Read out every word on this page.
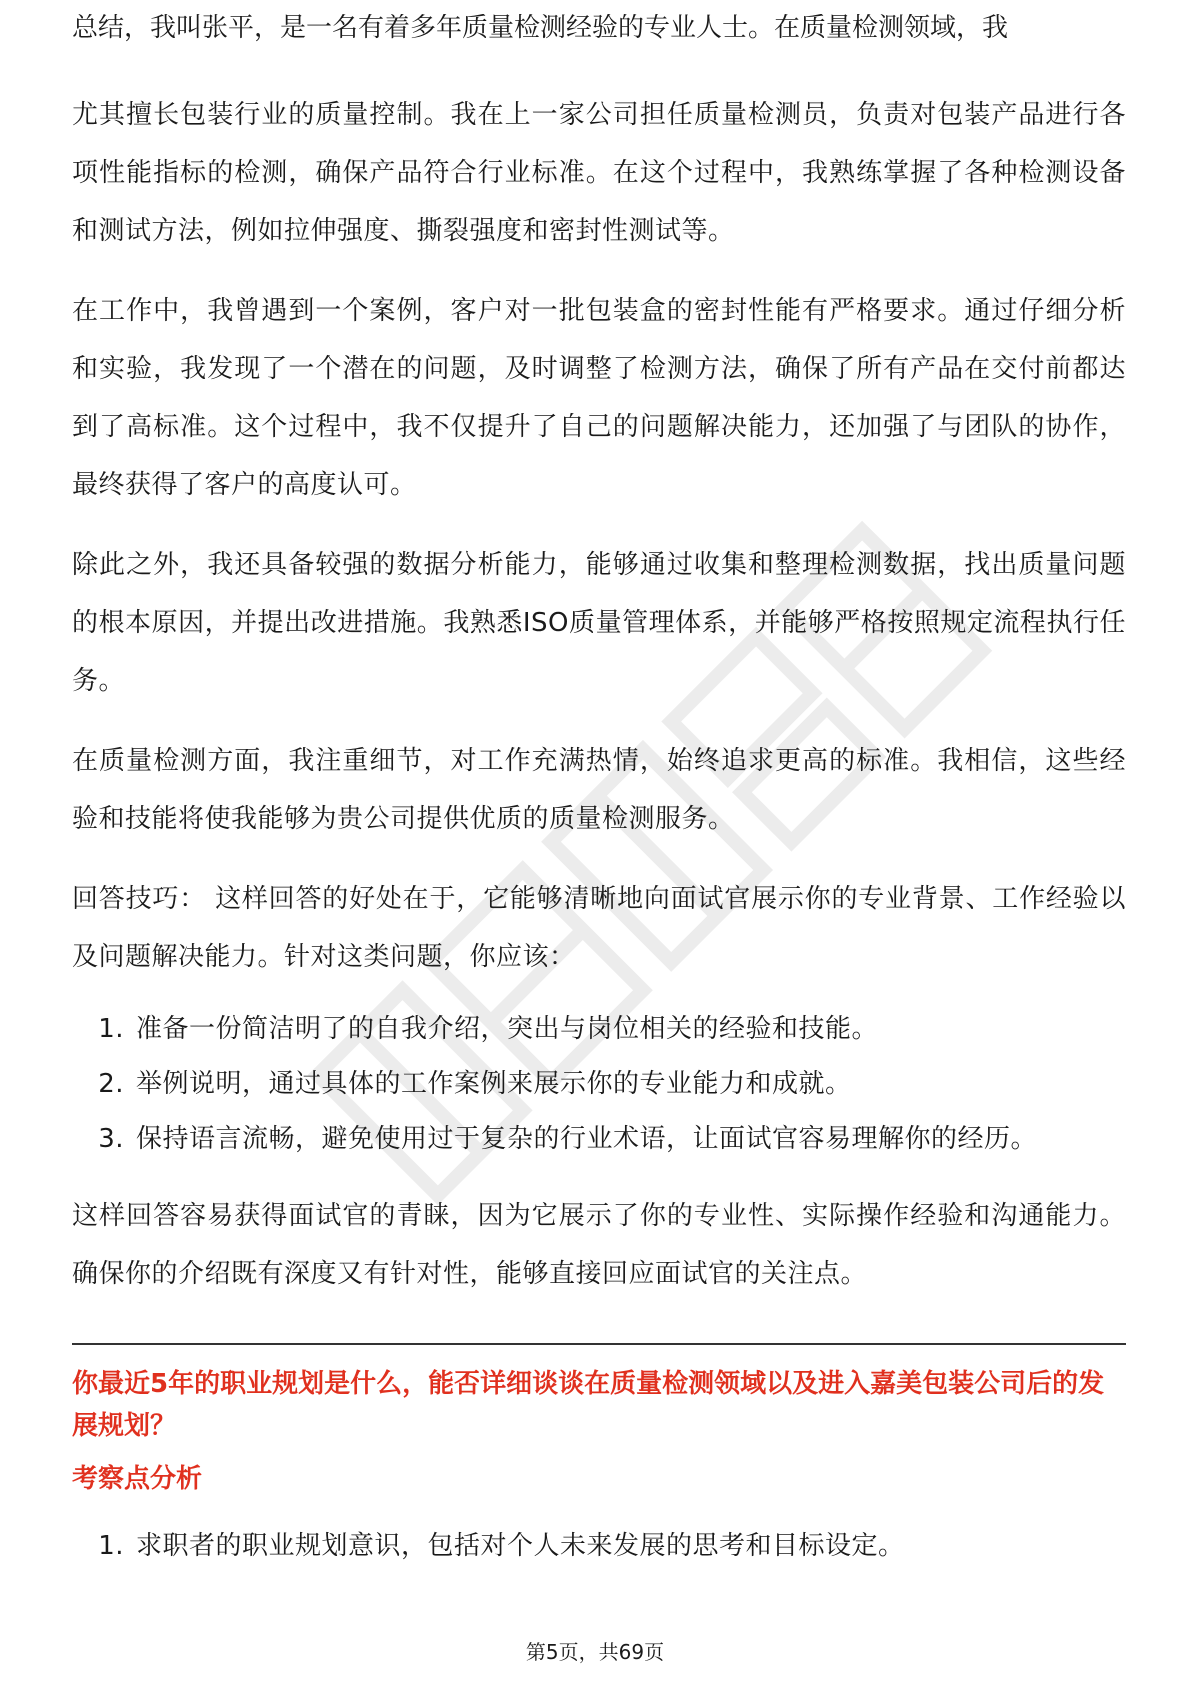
总结，我叫张平，是一名有着多年质量检测经验的专业人士。在质量检测领域，我

尤其擅长包装行业的质量控制。我在上一家公司担任质量检测员，负责对包装产品进行各项性能指标的检测，确保产品符合行业标准。在这个过程中，我熟练掌握了各种检测设备和测试方法，例如拉伸强度、撕裂强度和密封性测试等。

在工作中，我曾遇到一个案例，客户对一批包装盒的密封性能有严格要求。通过仔细分析和实验，我发现了一个潜在的问题，及时调整了检测方法，确保了所有产品在交付前都达到了高标准。这个过程中，我不仅提升了自己的问题解决能力，还加强了与团队的协作，最终获得了客户的高度认可。

除此之外，我还具备较强的数据分析能力，能够通过收集和整理检测数据，找出质量问题的根本原因，并提出改进措施。我熟悉ISO质量管理体系，并能够严格按照规定流程执行任务。

在质量检测方面，我注重细节，对工作充满热情，始终追求更高的标准。我相信，这些经验和技能将使我能够为贵公司提供优质的质量检测服务。

回答技巧： 这样回答的好处在于，它能够清晰地向面试官展示你的专业背景、工作经验以及问题解决能力。针对这类问题，你应该：

1. 准备一份简洁明了的自我介绍，突出与岗位相关的经验和技能。
2. 举例说明，通过具体的工作案例来展示你的专业能力和成就。
3. 保持语言流畅，避免使用过于复杂的行业术语，让面试官容易理解你的经历。

这样回答容易获得面试官的青睐，因为它展示了你的专业性、实际操作经验和沟通能力。确保你的介绍既有深度又有针对性，能够直接回应面试官的关注点。

你最近5年的职业规划是什么，能否详细谈谈在质量检测领域以及进入嘉美包装公司后的发展规划？

考察点分析

1. 求职者的职业规划意识，包括对个人未来发展的思考和目标设定。
第5页，共69页
